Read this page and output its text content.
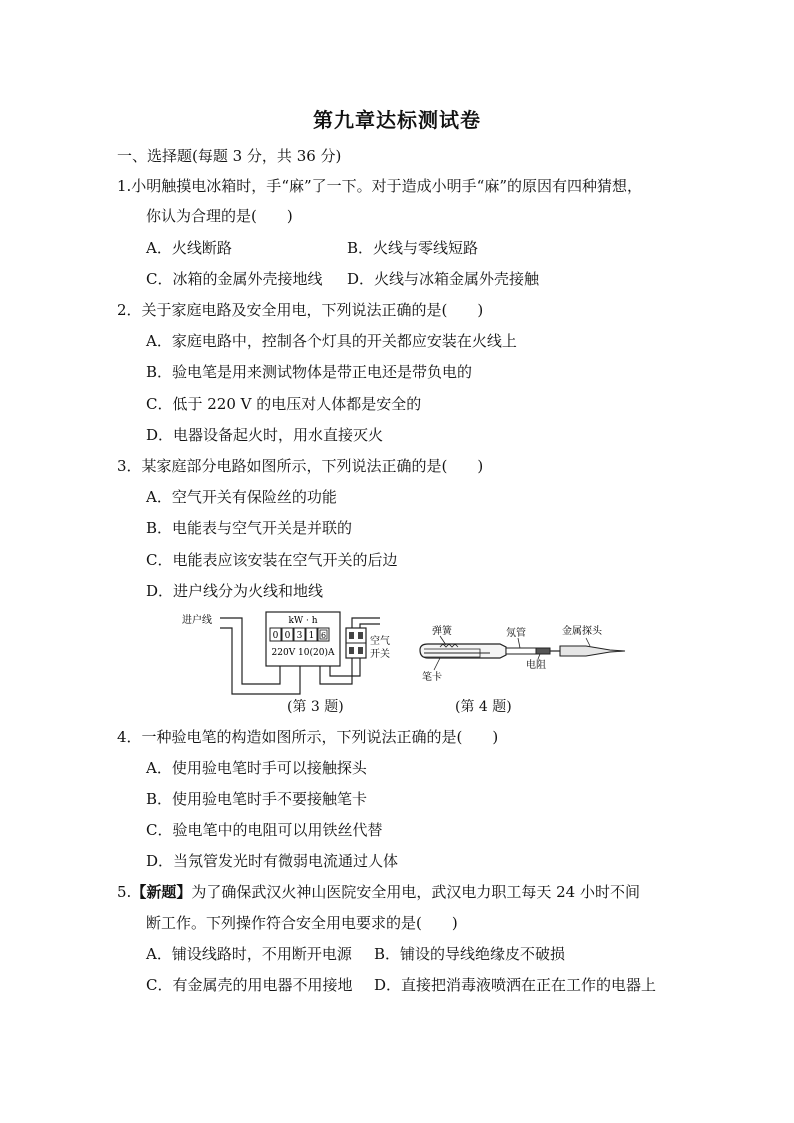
第九章达标测试卷
一、选择题(每题 3 分，共 36 分)
1.小明触摸电冰箱时，手“麻”了一下。对于造成小明手“麻”的原因有四种猜想，
你认为合理的是(　　)
A．火线断路	B．火线与零线短路
C．冰箱的金属外壳接地线 D．火线与冰箱金属外壳接触
2．关于家庭电路及安全用电，下列说法正确的是(　　)
A．家庭电路中，控制各个灯具的开关都应安装在火线上
B．验电笔是用来测试物体是带正电还是带负电的
C．低于 220 V 的电压对人体都是安全的
D．电器设备起火时，用水直接灭火
3．某家庭部分电路如图所示，下列说法正确的是(　　)
A．空气开关有保险丝的功能
B．电能表与空气开关是并联的
C．电能表应该安装在空气开关的后边
D．进户线分为火线和地线
进户线	kW · h
0 0 3 1 6
220V 10(20)A
空气
开关
(第 3 题)
弹簧	氖管	金属探头
笔卡
电阻
(第 4 题)
4．一种验电笔的构造如图所示，下列说法正确的是(　　)
A．使用验电笔时手可以接触探头
B．使用验电笔时手不要接触笔卡
C．验电笔中的电阻可以用铁丝代替
D．当氖管发光时有微弱电流通过人体
5.【新题】为了确保武汉火神山医院安全用电，武汉电力职工每天 24 小时不间
断工作。下列操作符合安全用电要求的是(　　)
A．铺设线路时，不用断开电源 B．铺设的导线绝缘皮不破损
C．有金属壳的用电器不用接地 D．直接把消毒液喷洒在正在工作的电器上
